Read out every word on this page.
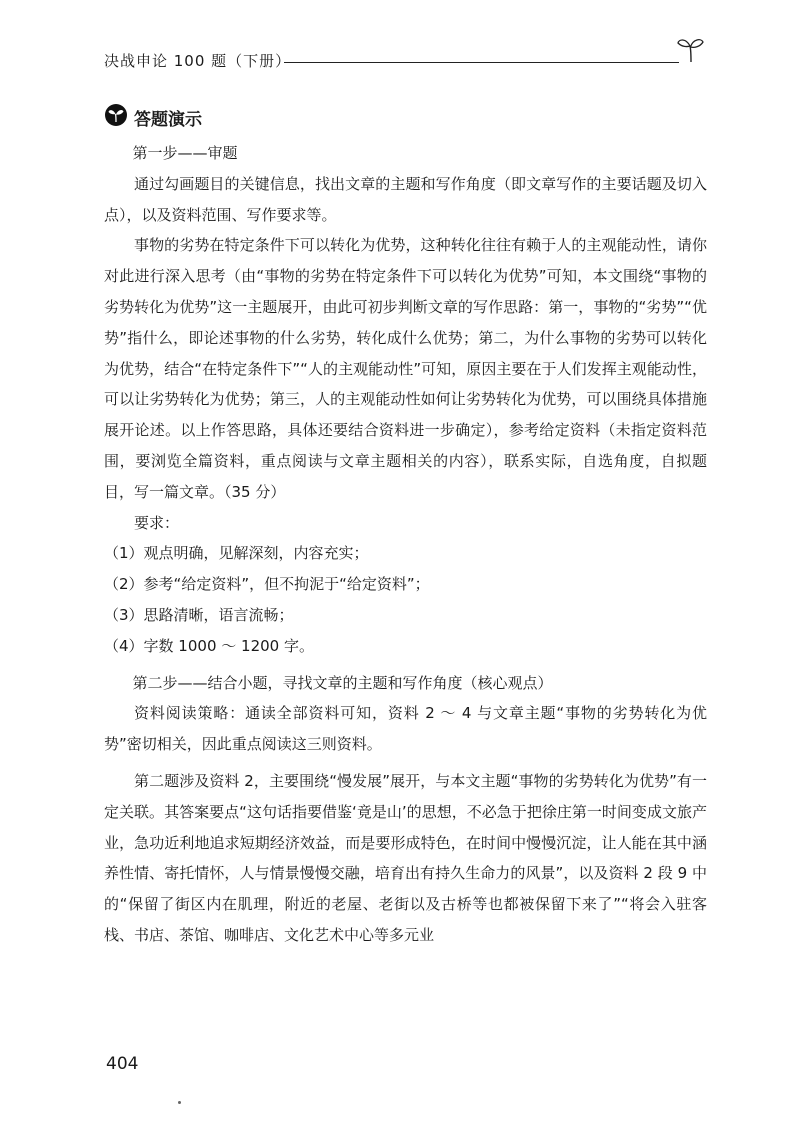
决战申论 100 题（下册）
答题演示

第一步——审题

通过勾画题目的关键信息，找出文章的主题和写作角度（即文章写作的主要话题及切入点），以及资料范围、写作要求等。

事物的劣势在特定条件下可以转化为优势，这种转化往往有赖于人的主观能动性，请你对此进行深入思考（由“事物的劣势在特定条件下可以转化为优势”可知，本文围绕“事物的劣势转化为优势”这一主题展开，由此可初步判断文章的写作思路：第一，事物的“劣势”“优势”指什么，即论述事物的什么劣势，转化成什么优势；第二，为什么事物的劣势可以转化为优势，结合“在特定条件下”“人的主观能动性”可知，原因主要在于人们发挥主观能动性，可以让劣势转化为优势；第三，人的主观能动性如何让劣势转化为优势，可以围绕具体措施展开论述。以上作答思路，具体还要结合资料进一步确定），参考给定资料（未指定资料范围，要浏览全篇资料，重点阅读与文章主题相关的内容），联系实际，自选角度，自拟题目，写一篇文章。（35 分）

要求：

（1）观点明确，见解深刻，内容充实；

（2）参考“给定资料”，但不拘泥于“给定资料”；

（3）思路清晰，语言流畅；

（4）字数 1000 ～ 1200 字。

第二步——结合小题，寻找文章的主题和写作角度（核心观点）

资料阅读策略：通读全部资料可知，资料 2 ～ 4 与文章主题“事物的劣势转化为优势”密切相关，因此重点阅读这三则资料。

第二题涉及资料 2，主要围绕“慢发展”展开，与本文主题“事物的劣势转化为优势”有一定关联。其答案要点“这句话指要借鉴‘竟是山’的思想，不必急于把徐庄第一时间变成文旅产业，急功近利地追求短期经济效益，而是要形成特色，在时间中慢慢沉淀，让人能在其中涵养性情、寄托情怀，人与情景慢慢交融，培育出有持久生命力的风景”，以及资料 2 段 9 中的“保留了街区内在肌理，附近的老屋、老街以及古桥等也都被保留下来了”“将会入驻客栈、书店、茶馆、咖啡店、文化艺术中心等多元业

404
